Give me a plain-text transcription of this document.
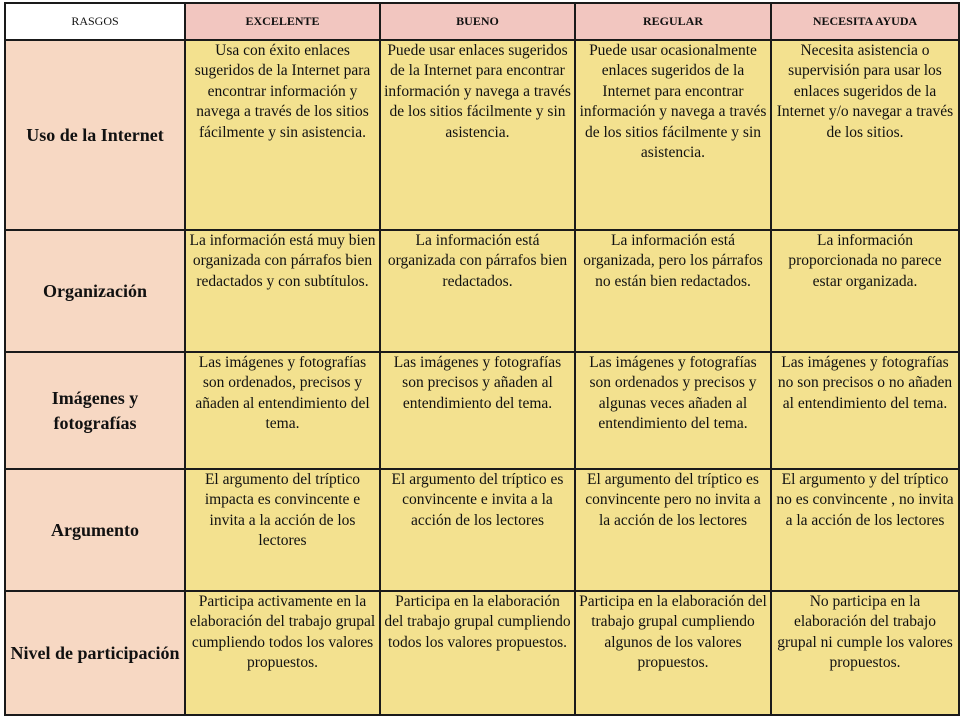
RASGOS	EXCELENTE	BUENO	REGULAR	NECESITA AYUDA
Uso de la Internet	Usa con éxito enlaces sugeridos de la Internet para encontrar información y navega a través de los sitios fácilmente y sin asistencia.	Puede usar enlaces sugeridos de la Internet para encontrar información y navega a través de los sitios fácilmente y sin asistencia.	Puede usar ocasionalmente enlaces sugeridos de la Internet para encontrar información y navega a través de los sitios fácilmente y sin asistencia.	Necesita asistencia o supervisión para usar los enlaces sugeridos de la Internet y/o navegar a través de los sitios.
Organización	La información está muy bien organizada con párrafos bien redactados y con subtítulos.	La información está organizada con párrafos bien redactados.	La información está organizada, pero los párrafos no están bien redactados.	La información proporcionada no parece estar organizada.
Imágenes y fotografías	Las imágenes y fotografías son ordenados, precisos y añaden al entendimiento del tema.	Las imágenes y fotografías son precisos y añaden al entendimiento del tema.	Las imágenes y fotografías son ordenados y precisos y algunas veces añaden al entendimiento del tema.	Las imágenes y fotografías no son precisos o no añaden al entendimiento del tema.
Argumento	El argumento del tríptico impacta es convincente e invita a la acción de los lectores	El argumento del tríptico es convincente e invita a la acción de los lectores	El argumento del tríptico es convincente pero no invita a la acción de los lectores	El argumento y del tríptico no es convincente , no invita a la acción de los lectores
Nivel de participación	Participa activamente en la elaboración del trabajo grupal cumpliendo todos los valores propuestos.	Participa en la elaboración del trabajo grupal cumpliendo todos los valores propuestos.	Participa en la elaboración del trabajo grupal cumpliendo algunos de los valores propuestos.	No participa en la elaboración del trabajo grupal ni cumple los valores propuestos.
